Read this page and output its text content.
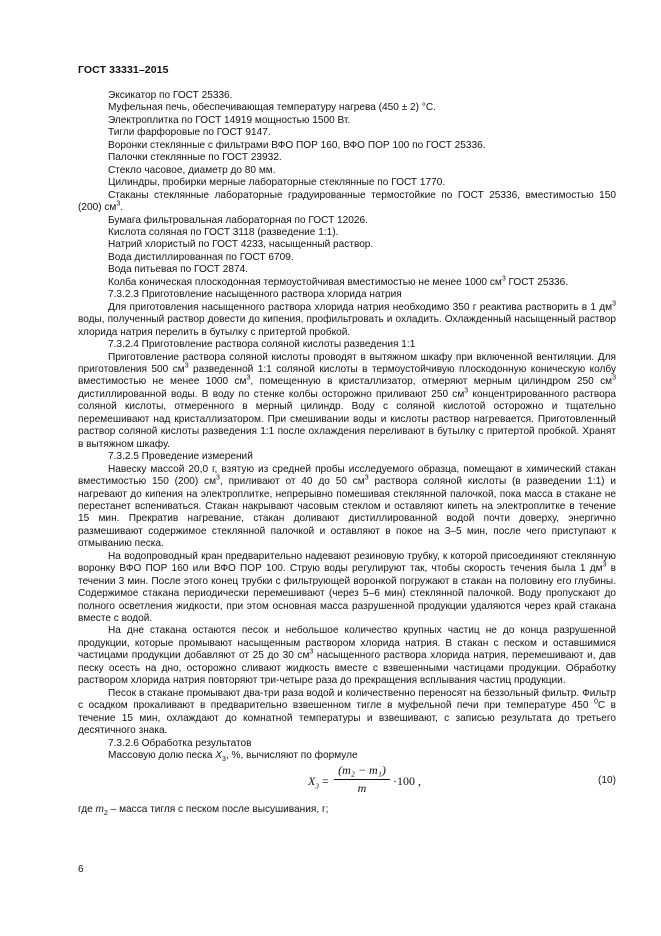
ГОСТ 33331–2015

Эксикатор по ГОСТ 25336.

Муфельная печь, обеспечивающая температуру нагрева (450 ± 2) °С.

Электроплитка по ГОСТ 14919 мощностью 1500 Вт.

Тигли фарфоровые по ГОСТ 9147.

Воронки стеклянные с фильтрами ВФО ПОР 160, ВФО ПОР 100 по ГОСТ 25336.

Палочки стеклянные по ГОСТ 23932.

Стекло часовое, диаметр до 80 мм.

Цилиндры, пробирки мерные лабораторные стеклянные по ГОСТ 1770.

Стаканы стеклянные лабораторные градуированные термостойкие по ГОСТ 25336, вместимостью 150 (200) $см^3$.

Бумага фильтровальная лабораторная по ГОСТ 12026.

Кислота соляная по ГОСТ 3118 (разведение 1:1).

Натрий хлористый по ГОСТ 4233, насыщенный раствор.

Вода дистиллированная по ГОСТ 6709.

Вода питьевая по ГОСТ 2874.

Колба коническая плоскодонная термоустойчивая вместимостью не менее 1000 $см^3$ ГОСТ 25336.

7.3.2.3 Приготовление насыщенного раствора хлорида натрия

Для приготовления насыщенного раствора хлорида натрия необходимо 350 г реактива растворить в 1 $дм^3$ воды, полученный раствор довести до кипения, профильтровать и охладить. Охлажденный насыщенный раствор хлорида натрия перелить в бутылку с притертой пробкой.

7.3.2.4 Приготовление раствора соляной кислоты разведения 1:1

Приготовление раствора соляной кислоты проводят в вытяжном шкафу при включенной вентиляции. Для приготовления 500 $см^3$ разведенной 1:1 соляной кислоты в термоустойчивую плоскодонную коническую колбу вместимостью не менее 1000 $см^3$, помещенную в кристаллизатор, отмеряют мерным цилиндром 250 $см^3$ дистиллированной воды. В воду по стенке колбы осторожно приливают 250 $см^3$ концентрированного раствора соляной кислоты, отмеренного в мерный цилиндр. Воду с соляной кислотой осторожно и тщательно перемешивают над кристаллизатором. При смешивании воды и кислоты раствор нагревается. Приготовленный раствор соляной кислоты разведения 1:1 после охлаждения переливают в бутылку с притертой пробкой. Хранят в вытяжном шкафу.

7.3.2.5 Проведение измерений

Навеску массой 20,0 г, взятую из средней пробы исследуемого образца, помещают в химический стакан вместимостью 150 (200) $см^3$, приливают от 40 до 50 $см^3$ раствора соляной кислоты (в разведении 1:1) и нагревают до кипения на электроплитке, непрерывно помешивая стеклянной палочкой, пока масса в стакане не перестанет вспениваться. Стакан накрывают часовым стеклом и оставляют кипеть на электроплитке в течение 15 мин. Прекратив нагревание, стакан доливают дистиллированной водой почти доверху, энергично размешивают содержимое стеклянной палочкой и оставляют в покое на 3–5 мин, после чего приступают к отмыванию песка.

На водопроводный кран предварительно надевают резиновую трубку, к которой присоединяют стеклянную воронку ВФО ПОР 160 или ВФО ПОР 100. Струю воды регулируют так, чтобы скорость течения была 1 $дм^3$ в течении 3 мин. После этого конец трубки с фильтрующей воронкой погружают в стакан на половину его глубины. Содержимое стакана периодически перемешивают (через 5–6 мин) стеклянной палочкой. Воду пропускают до полного осветления жидкости, при этом основная масса разрушенной продукции удаляются через край стакана вместе с водой.

На дне стакана остаются песок и небольшое количество крупных частиц не до конца разрушенной продукции, которые промывают насыщенным раствором хлорида натрия. В стакан с песком и оставшимися частицами продукции добавляют от 25 до 30 $см^3$ насыщенного раствора хлорида натрия, перемешивают и, дав песку осесть на дно, осторожно сливают жидкость вместе с взвешенными частицами продукции. Обработку раствором хлорида натрия повторяют три-четыре раза до прекращения всплывания частиц продукции.

Песок в стакане промывают два-три раза водой и количественно переносят на беззольный фильтр. Фильтр с осадком прокаливают в предварительно взвешенном тигле в муфельной печи при температуре 450 $^0$С в течение 15 мин, охлаждают до комнатной температуры и взвешивают, с записью результата до третьего десятичного знака.

7.3.2.6 Обработка результатов

Массовую долю песка $X_3$, %, вычисляют по формуле

$X_3 = \frac{\text{(m₂ − m₁)}}{m} \cdot 100$ ,	(10)

где $m_2$ – масса тигля с песком после высушивания, г;

6
